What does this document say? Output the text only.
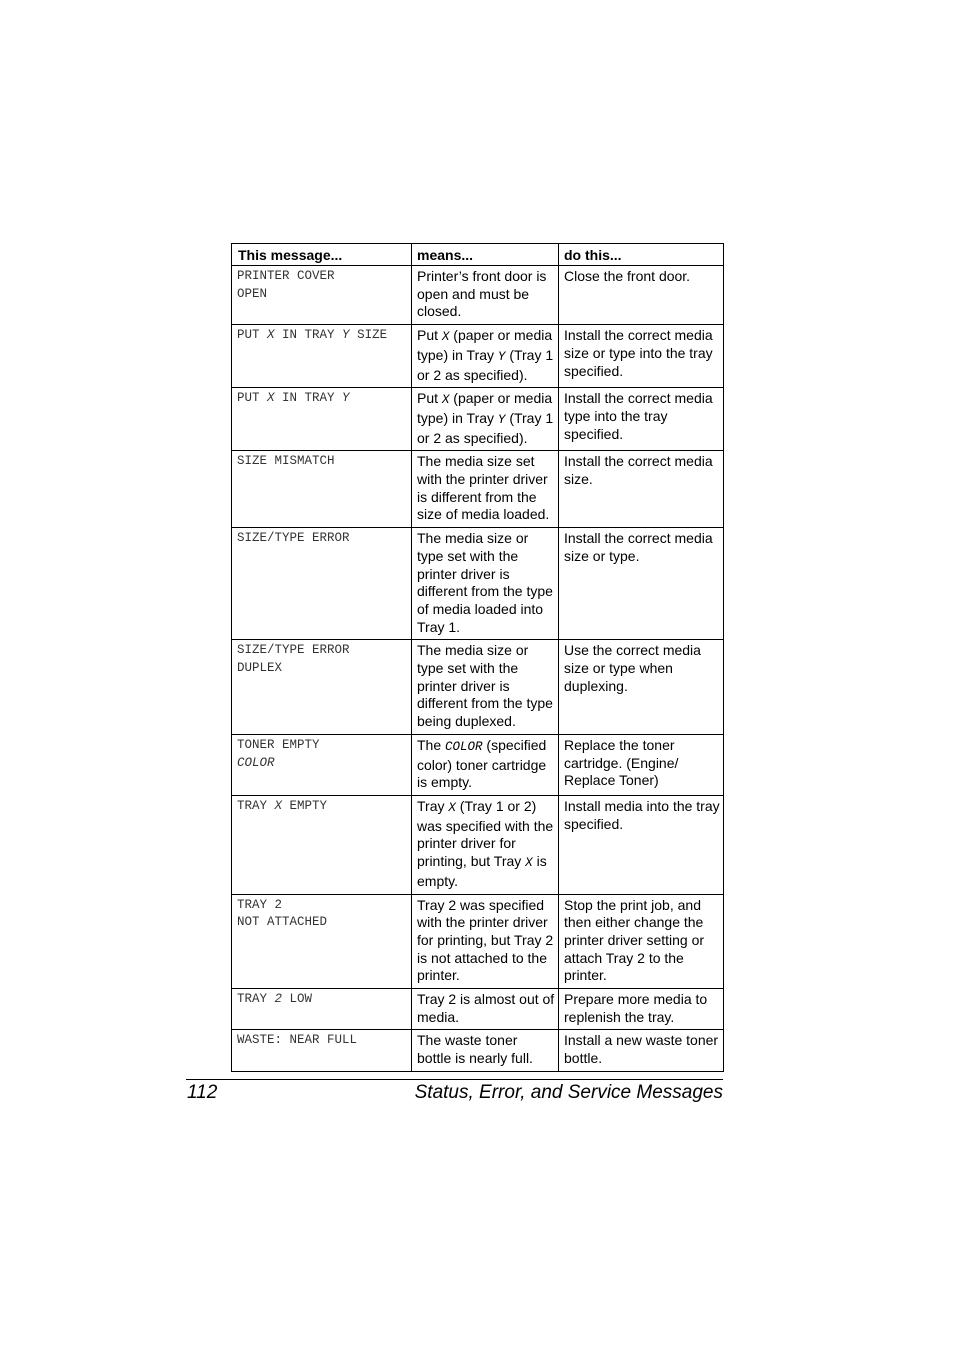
This message...	means...	do this...

PRINTER COVER
OPEN	Printer’s front door is open and must be closed.	Close the front door.
PUT X IN TRAY Y SIZE	Put X (paper or media type) in Tray Y (Tray 1 or 2 as specified).	Install the correct media size or type into the tray specified.
PUT X IN TRAY Y	Put X (paper or media type) in Tray Y (Tray 1 or 2 as specified).	Install the correct media type into the tray specified.

SIZE MISMATCH	The media size set with the printer driver is different from the size of media loaded.	Install the correct media size.

SIZE/TYPE ERROR	The media size or type set with the printer driver is different from the type of media loaded into Tray 1.	Install the correct media size or type.

SIZE/TYPE ERROR
DUPLEX	The media size or type set with the printer driver is different from the type being duplexed.	Use the correct media size or type when duplexing.

TONER EMPTY
COLOR	The COLOR (specified color) toner cartridge is empty.	Replace the toner cartridge. (Engine/ Replace Toner)
TRAY X EMPTY	Tray X (Tray 1 or 2) was specified with the printer driver for printing, but Tray X is empty.	Install media into the tray specified.

TRAY 2
NOT ATTACHED	Tray 2 was specified with the printer driver for printing, but Tray 2 is not attached to the printer.	Stop the print job, and then either change the printer driver setting or attach Tray 2 to the printer.
TRAY 2 LOW	Tray 2 is almost out of media.	Prepare more media to replenish the tray.

WASTE: NEAR FULL	The waste toner bottle is nearly full.	Install a new waste toner bottle.
112	Status, Error, and Service Messages
